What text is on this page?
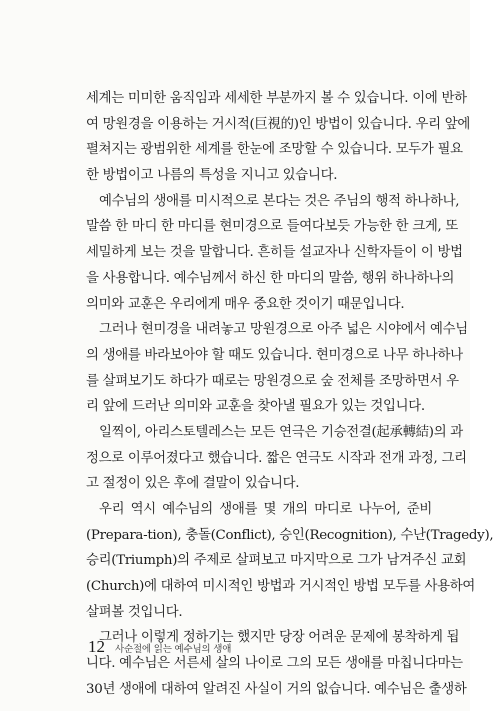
세계는 미미한 움직임과 세세한 부분까지 볼 수 있습니다. 이에 반하
여 망원경을 이용하는 거시적(巨視的)인 방법이 있습니다. 우리 앞에
펼쳐지는 광범위한 세계를 한눈에 조망할 수 있습니다. 모두가 필요
한 방법이고 나름의 특성을 지니고 있습니다.
예수님의 생애를 미시적으로 본다는 것은 주님의 행적 하나하나,
말씀 한 마디 한 마디를 현미경으로 들여다보듯 가능한 한 크게, 또
세밀하게 보는 것을 말합니다. 흔히들 설교자나 신학자들이 이 방법
을 사용합니다. 예수님께서 하신 한 마디의 말씀, 행위 하나하나의
의미와 교훈은 우리에게 매우 중요한 것이기 때문입니다.
그러나 현미경을 내려놓고 망원경으로 아주 넓은 시야에서 예수님
의 생애를 바라보아야 할 때도 있습니다. 현미경으로 나무 하나하나
를 살펴보기도 하다가 때로는 망원경으로 숲 전체를 조망하면서 우
리 앞에 드러난 의미와 교훈을 찾아낼 필요가 있는 것입니다.
일찍이, 아리스토텔레스는 모든 연극은 기승전결(起承轉結)의 과
정으로 이루어졌다고 했습니다. 짧은 연극도 시작과 전개 과정, 그리
고 절정이 있은 후에 결말이 있습니다.
우리 역시 예수님의 생애를 몇 개의 마디로 나누어, 준비
(Prepara-tion), 충돌(Conflict), 승인(Recognition), 수난(Tragedy),
승리(Triumph)의 주제로 살펴보고 마지막으로 그가 남겨주신 교회
(Church)에 대하여 미시적인 방법과 거시적인 방법 모두를 사용하여
살펴볼 것입니다.
그러나 이렇게 정하기는 했지만 당장 어려운 문제에 봉착하게 됩
니다. 예수님은 서른세 살의 나이로 그의 모든 생애를 마칩니다마는
30년 생애에 대하여 알려진 사실이 거의 없습니다. 예수님은 출생하
12 사순절에 읽는 예수님의 생애
